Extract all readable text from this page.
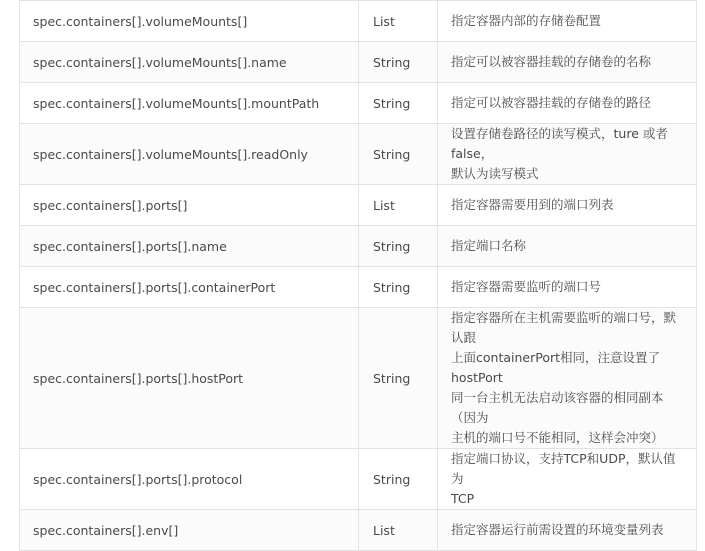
spec.containers[].volumeMounts[]	List	指定容器内部的存储卷配置

spec.containers[].volumeMounts[].name	String	指定可以被容器挂载的存储卷的名称

spec.containers[].volumeMounts[].mountPath	String	指定可以被容器挂载的存储卷的路径

spec.containers[].volumeMounts[].readOnly	String	设置存储卷路径的读写模式，ture 或者false，
默认为读写模式

spec.containers[].ports[]	List	指定容器需要用到的端口列表

spec.containers[].ports[].name	String	指定端口名称

spec.containers[].ports[].containerPort	String	指定容器需要监听的端口号

spec.containers[].ports[].hostPort	String	指定容器所在主机需要监听的端口号，默认跟
上面containerPort相同，注意设置了hostPort
同一台主机无法启动该容器的相同副本（因为
主机的端口号不能相同，这样会冲突）

spec.containers[].ports[].protocol	String	指定端口协议，支持TCP和UDP，默认值为
TCP

spec.containers[].env[]	List	指定容器运行前需设置的环境变量列表
